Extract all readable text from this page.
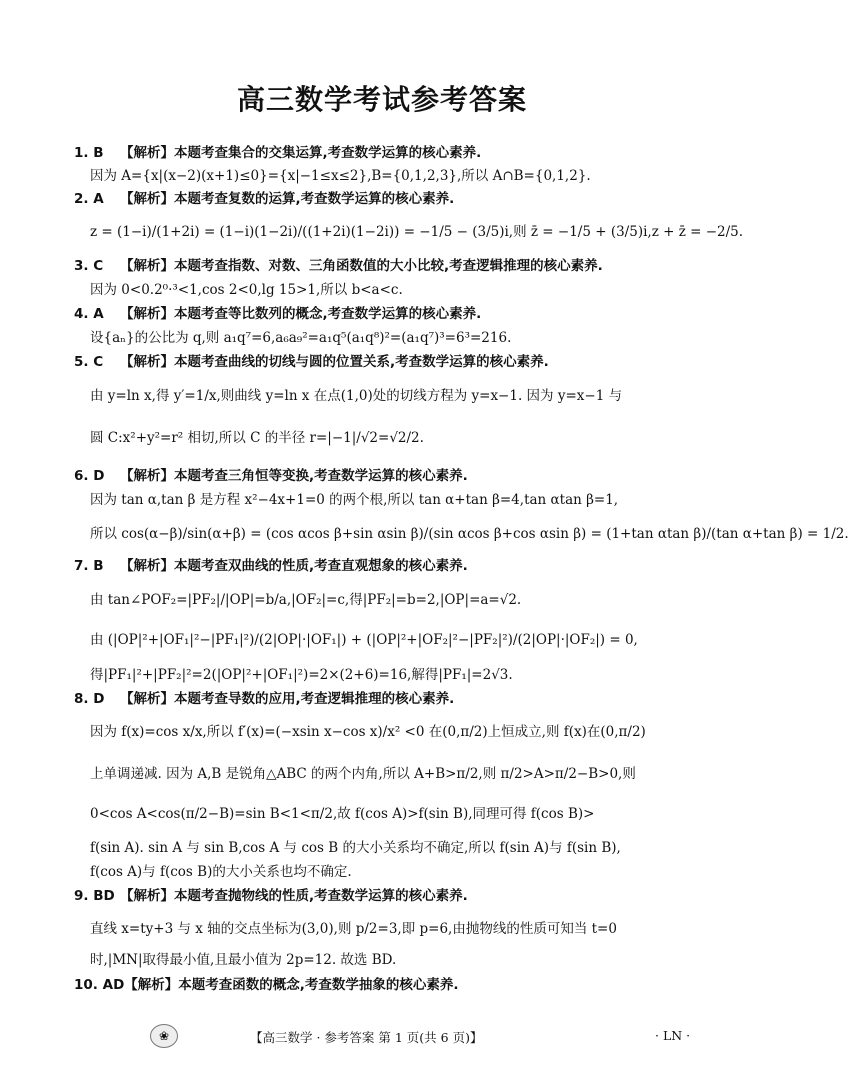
高三数学考试参考答案
1. B 【解析】本题考查集合的交集运算,考查数学运算的核心素养.
因为 A={x|(x−2)(x+1)≤0}={x|−1≤x≤2},B={0,1,2,3},所以 A∩B={0,1,2}.
2. A 【解析】本题考查复数的运算,考查数学运算的核心素养.
z = (1−i)/(1+2i) = (1−i)(1−2i)/((1+2i)(1−2i)) = −1/5 − (3/5)i,则 z̄ = −1/5 + (3/5)i,z + z̄ = −2/5.
3. C 【解析】本题考查指数、对数、三角函数值的大小比较,考查逻辑推理的核心素养.
因为 0<0.2⁰·³<1,cos 2<0,lg 15>1,所以 b<a<c.
4. A 【解析】本题考查等比数列的概念,考查数学运算的核心素养.
设{aₙ}的公比为 q,则 a₁q⁷=6,a₆a₉²=a₁q⁵(a₁q⁸)²=(a₁q⁷)³=6³=216.
5. C 【解析】本题考查曲线的切线与圆的位置关系,考查数学运算的核心素养.
由 y=ln x,得 y′=1/x,则曲线 y=ln x 在点(1,0)处的切线方程为 y=x−1. 因为 y=x−1 与
圆 C:x²+y²=r² 相切,所以 C 的半径 r=|−1|/√2=√2/2.
6. D 【解析】本题考查三角恒等变换,考查数学运算的核心素养.
因为 tan α,tan β 是方程 x²−4x+1=0 的两个根,所以 tan α+tan β=4,tan αtan β=1,
所以 cos(α−β)/sin(α+β) = (cos αcos β+sin αsin β)/(sin αcos β+cos αsin β) = (1+tan αtan β)/(tan α+tan β) = 1/2.
7. B 【解析】本题考查双曲线的性质,考查直观想象的核心素养.
由 tan∠POF₂=|PF₂|/|OP|=b/a,|OF₂|=c,得|PF₂|=b=2,|OP|=a=√2.
由 (|OP|²+|OF₁|²−|PF₁|²)/(2|OP|·|OF₁|) + (|OP|²+|OF₂|²−|PF₂|²)/(2|OP|·|OF₂|) = 0,
得|PF₁|²+|PF₂|²=2(|OP|²+|OF₁|²)=2×(2+6)=16,解得|PF₁|=2√3.
8. D 【解析】本题考查导数的应用,考查逻辑推理的核心素养.
因为 f(x)=cos x/x,所以 f′(x)=(−xsin x−cos x)/x² <0 在(0,π/2)上恒成立,则 f(x)在(0,π/2)
上单调递减. 因为 A,B 是锐角△ABC 的两个内角,所以 A+B>π/2,则 π/2>A>π/2−B>0,则
0<cos A<cos(π/2−B)=sin B<1<π/2,故 f(cos A)>f(sin B),同理可得 f(cos B)>
f(sin A). sin A 与 sin B,cos A 与 cos B 的大小关系均不确定,所以 f(sin A)与 f(sin B),
f(cos A)与 f(cos B)的大小关系也均不确定.
9. BD 【解析】本题考查抛物线的性质,考查数学运算的核心素养.
直线 x=ty+3 与 x 轴的交点坐标为(3,0),则 p/2=3,即 p=6,由抛物线的性质可知当 t=0
时,|MN|取得最小值,且最小值为 2p=12. 故选 BD.
10. AD【解析】本题考查函数的概念,考查数学抽象的核心素养.
❀	【高三数学 · 参考答案 第 1 页(共 6 页)】	· LN ·
